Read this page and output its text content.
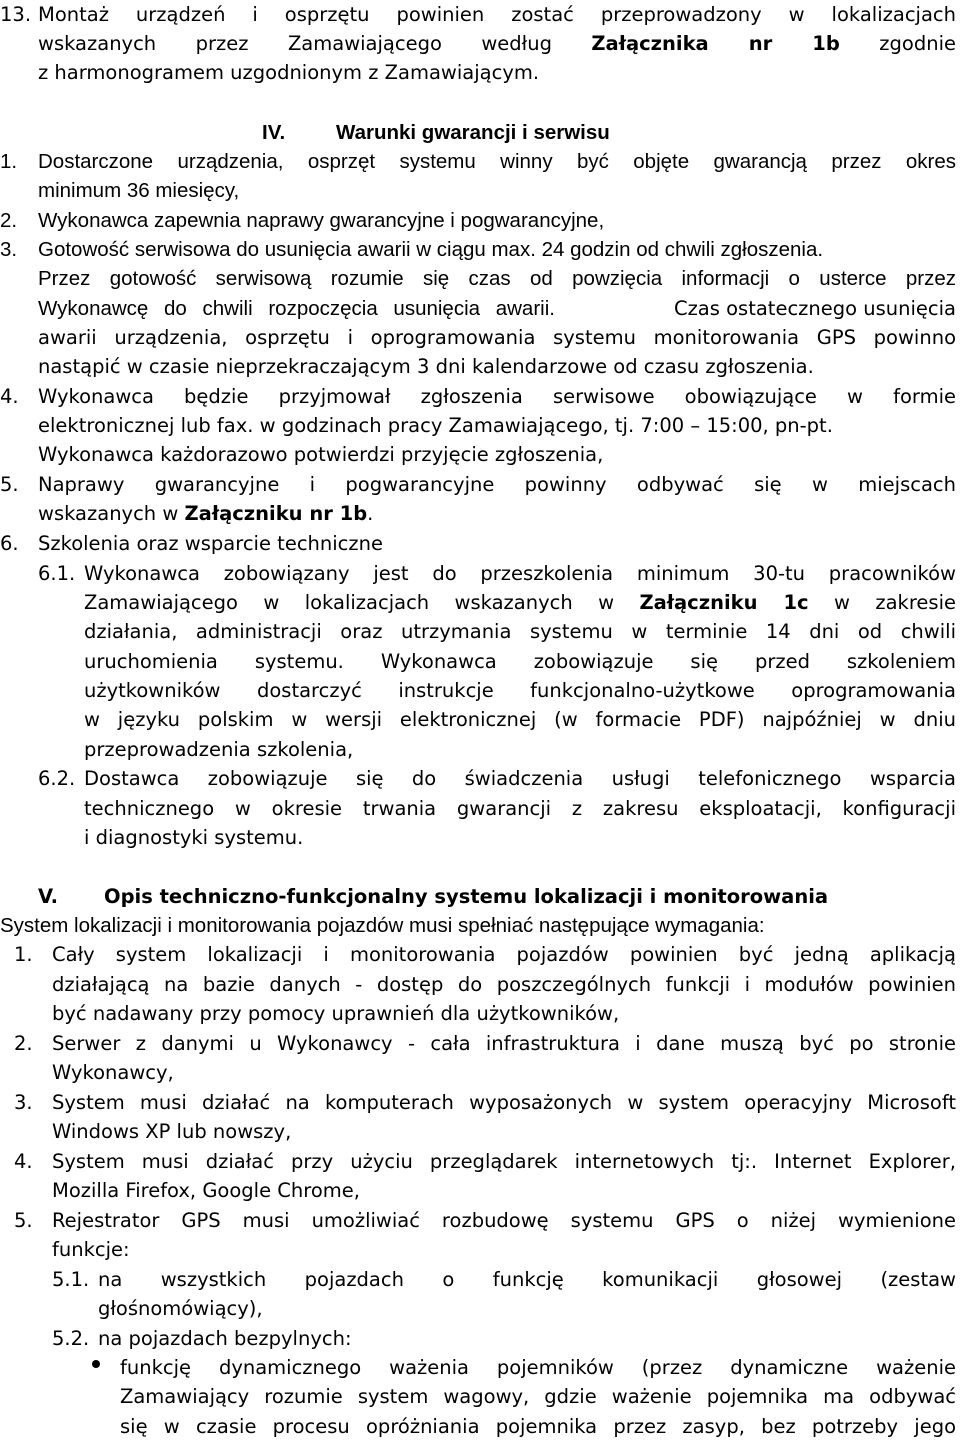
13. Montaż urządzeń i osprzętu powinien zostać przeprowadzony w lokalizacjach
wskazanych przez Zamawiającego według Załącznika nr 1b zgodnie
z harmonogramem uzgodnionym z Zamawiającym.
IV. Warunki gwarancji i serwisu
1. Dostarczone urządzenia, osprzęt systemu winny być objęte gwarancją przez okres
minimum 36 miesięcy,
2. Wykonawca zapewnia naprawy gwarancyjne i pogwarancyjne,
3. Gotowość serwisowa do usunięcia awarii w ciągu max. 24 godzin od chwili zgłoszenia.
Przez gotowość serwisową rozumie się czas od powzięcia informacji o usterce przez
Wykonawcę do chwili rozpoczęcia usunięcia awarii.	Czas ostatecznego usunięcia
awarii urządzenia, osprzętu i oprogramowania systemu monitorowania GPS powinno
nastąpić w czasie nieprzekraczającym 3 dni kalendarzowe od czasu zgłoszenia.
4. Wykonawca będzie przyjmował zgłoszenia serwisowe obowiązujące w formie
elektronicznej lub fax. w godzinach pracy Zamawiającego, tj. 7:00 – 15:00, pn-pt.
Wykonawca każdorazowo potwierdzi przyjęcie zgłoszenia,
5. Naprawy gwarancyjne i pogwarancyjne powinny odbywać się w miejscach
wskazanych w Załączniku nr 1b.
6. Szkolenia oraz wsparcie techniczne
6.1. Wykonawca zobowiązany jest do przeszkolenia minimum 30-tu pracowników
Zamawiającego w lokalizacjach wskazanych w Załączniku 1c w zakresie
działania, administracji oraz utrzymania systemu w terminie 14 dni od chwili
uruchomienia systemu. Wykonawca zobowiązuje się przed szkoleniem
użytkowników dostarczyć instrukcje funkcjonalno-użytkowe oprogramowania
w języku polskim w wersji elektronicznej (w formacie PDF) najpóźniej w dniu
przeprowadzenia szkolenia,
6.2. Dostawca zobowiązuje się do świadczenia usługi telefonicznego wsparcia
technicznego w okresie trwania gwarancji z zakresu eksploatacji, konfiguracji
i diagnostyki systemu.
V. Opis techniczno-funkcjonalny systemu lokalizacji i monitorowania
System lokalizacji i monitorowania pojazdów musi spełniać następujące wymagania:
1. Cały system lokalizacji i monitorowania pojazdów powinien być jedną aplikacją
działającą na bazie danych - dostęp do poszczególnych funkcji i modułów powinien
być nadawany przy pomocy uprawnień dla użytkowników,
2. Serwer z danymi u Wykonawcy - cała infrastruktura i dane muszą być po stronie
Wykonawcy,
3. System musi działać na komputerach wyposażonych w system operacyjny Microsoft
Windows XP lub nowszy,
4. System musi działać przy użyciu przeglądarek internetowych tj:. Internet Explorer,
Mozilla Firefox, Google Chrome,
5. Rejestrator GPS musi umożliwiać rozbudowę systemu GPS o niżej wymienione
funkcje:
5.1. na wszystkich pojazdach o funkcję komunikacji głosowej (zestaw
głośnomówiący),
5.2. na pojazdach bezpylnych:
funkcję dynamicznego ważenia pojemników (przez dynamiczne ważenie
Zamawiający rozumie system wagowy, gdzie ważenie pojemnika ma odbywać
się w czasie procesu opróżniania pojemnika przez zasyp, bez potrzeby jego
